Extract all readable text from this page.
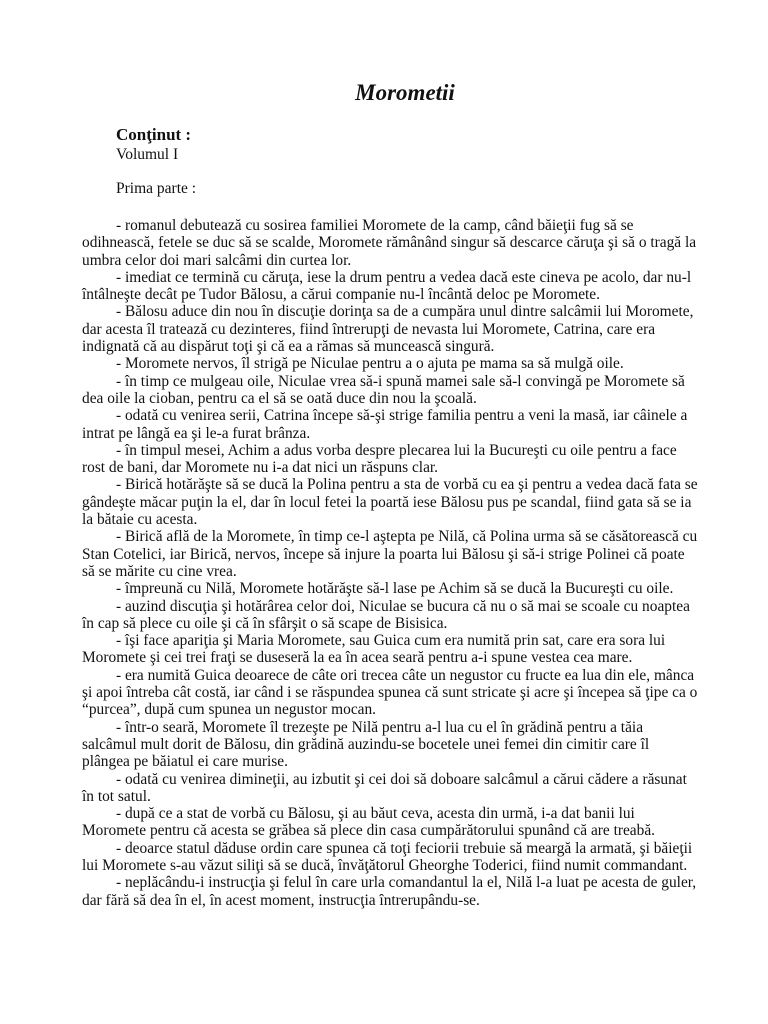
Morometii
Conţinut :
Volumul I
Prima parte :

- romanul debutează cu sosirea familiei Moromete de la camp, când băieţii fug să se odihnească, fetele se duc să se scalde, Moromete rămânând singur să descarce căruţa şi să o tragă la umbra celor doi mari salcâmi din curtea lor.

- imediat ce termină cu căruţa, iese la drum pentru a vedea dacă este cineva pe acolo, dar nu-l întâlneşte decât pe Tudor Bălosu, a cărui companie nu-l încântă deloc pe Moromete.

- Bălosu aduce din nou în discuţie dorinţa sa de a cumpăra unul dintre salcâmii lui Moromete, dar acesta îl tratează cu dezinteres, fiind întrerupţi de nevasta lui Moromete, Catrina, care era indignată că au dispărut toţi şi că ea a rămas să muncească singură.

- Moromete nervos, îl strigă pe Niculae pentru a o ajuta pe mama sa să mulgă oile.

- în timp ce mulgeau oile, Niculae vrea să-i spună mamei sale să-l convingă pe Moromete să dea oile la cioban, pentru ca el să se oată duce din nou la şcoală.

- odată cu venirea serii, Catrina începe să-şi strige familia pentru a veni la masă, iar câinele a intrat pe lângă ea şi le-a furat brânza.

- în timpul mesei, Achim a adus vorba despre plecarea lui la Bucureşti cu oile pentru a face rost de bani, dar Moromete nu i-a dat nici un răspuns clar.

- Birică hotărăşte să se ducă la Polina pentru a sta de vorbă cu ea şi pentru a vedea dacă fata se gândeşte măcar puţin la el, dar în locul fetei la poartă iese Bălosu pus pe scandal, fiind gata să se ia la bătaie cu acesta.

- Birică află de la Moromete, în timp ce-l aştepta pe Nilă, că Polina urma să se căsătorească cu Stan Cotelici, iar Birică, nervos, începe să injure la poarta lui Bălosu şi să-i strige Polinei că poate să se mărite cu cine vrea.

- împreună cu Nilă, Moromete hotărăşte să-l lase pe Achim să se ducă la Bucureşti cu oile.

- auzind discuţia şi hotărârea celor doi, Niculae se bucura că nu o să mai se scoale cu noaptea în cap să plece cu oile şi că în sfârşit o să scape de Bisisica.

- îşi face apariţia şi Maria Moromete, sau Guica cum era numită prin sat, care era sora lui Moromete şi cei trei fraţi se duseseră la ea în acea seară pentru a-i spune vestea cea mare.

- era numită Guica deoarece de câte ori trecea câte un negustor cu fructe ea lua din ele, mânca şi apoi întreba cât costă, iar când i se răspundea spunea că sunt stricate şi acre şi începea să ţipe ca o “purcea”, după cum spunea un negustor mocan.

- într-o seară, Moromete îl trezeşte pe Nilă pentru a-l lua cu el în grădină pentru a tăia salcâmul mult dorit de Bălosu, din grădină auzindu-se bocetele unei femei din cimitir care îl plângea pe băiatul ei care murise.

- odată cu venirea dimineţii, au izbutit şi cei doi să doboare salcâmul a cărui cădere a răsunat în tot satul.

- după ce a stat de vorbă cu Bălosu, şi au băut ceva, acesta din urmă, i-a dat banii lui Moromete pentru că acesta se grăbea să plece din casa cumpărătorului spunând că are treabă.

- deoarce statul dăduse ordin care spunea că toţi feciorii trebuie să meargă la armată, şi băieţii lui Moromete s-au văzut siliţi să se ducă, învăţătorul Gheorghe Toderici, fiind numit commandant.

- neplăcându-i instrucţia şi felul în care urla comandantul la el, Nilă l-a luat pe acesta de guler, dar fără să dea în el, în acest moment, instrucţia întrerupându-se.
